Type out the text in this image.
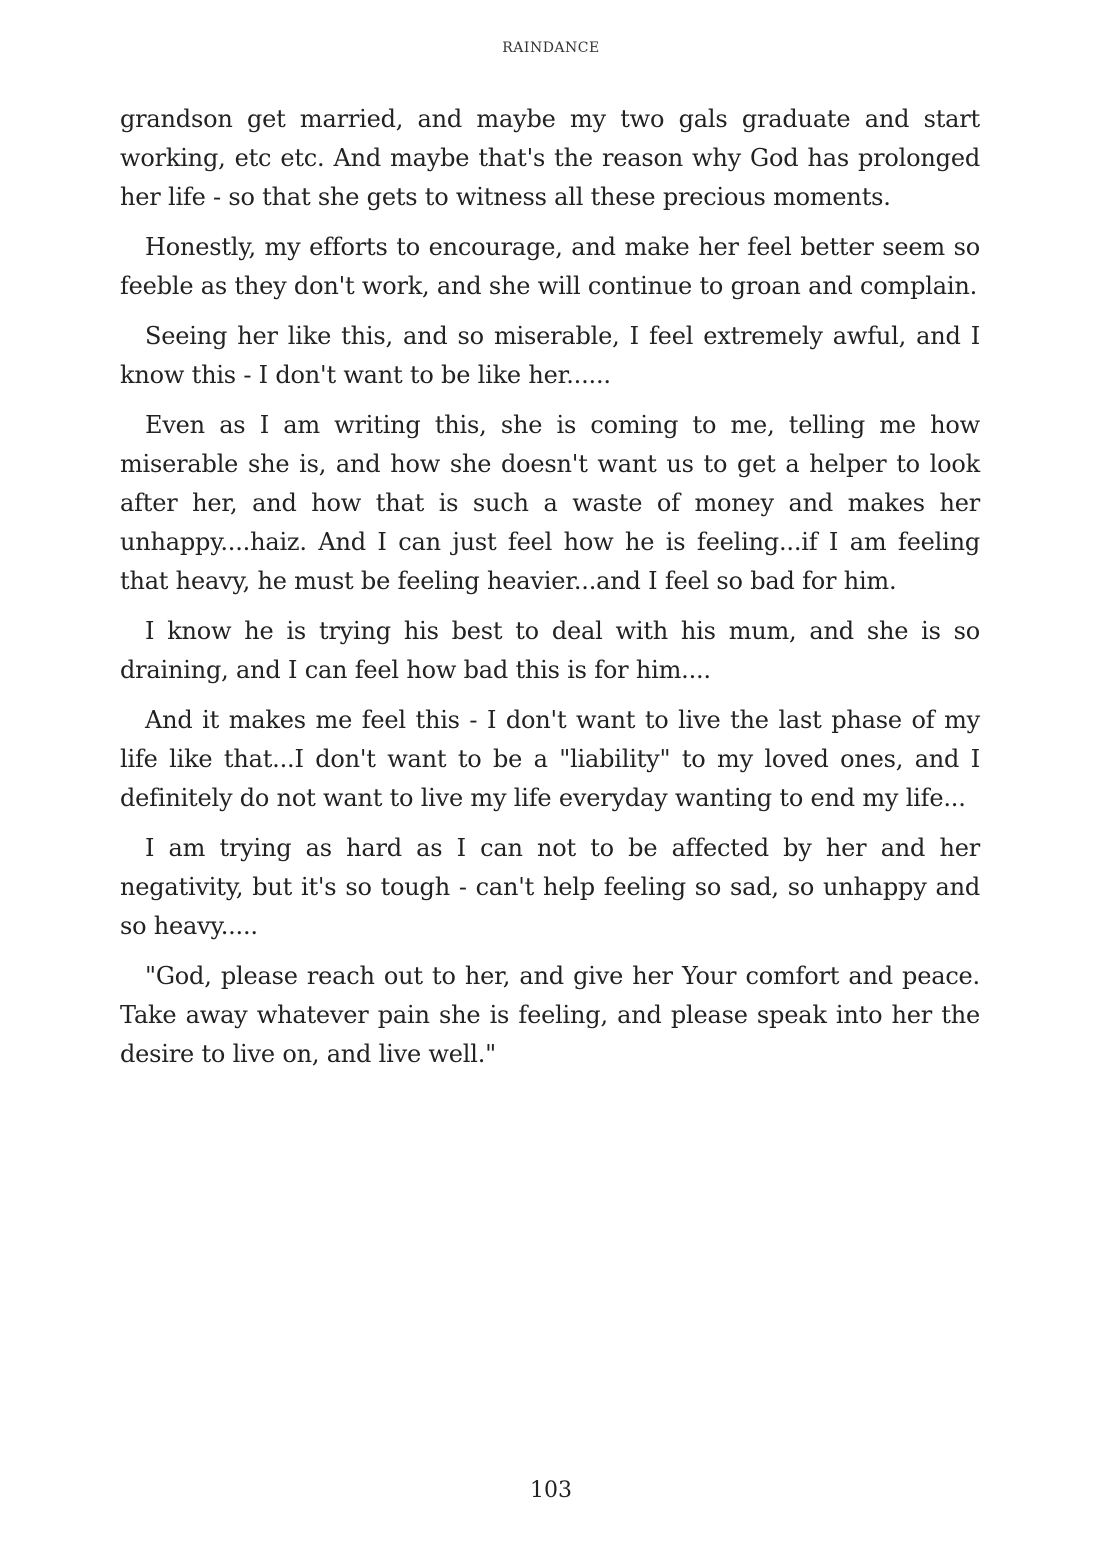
RAINDANCE

grandson get married, and maybe my two gals graduate and start working, etc etc. And maybe that's the reason why God has prolonged her life - so that she gets to witness all these precious moments.

Honestly, my efforts to encourage, and make her feel better seem so feeble as they don't work, and she will continue to groan and complain.

Seeing her like this, and so miserable, I feel extremely awful, and I know this - I don't want to be like her......

Even as I am writing this, she is coming to me, telling me how miserable she is, and how she doesn't want us to get a helper to look after her, and how that is such a waste of money and makes her unhappy....haiz. And I can just feel how he is feeling...if I am feeling that heavy, he must be feeling heavier...and I feel so bad for him.

I know he is trying his best to deal with his mum, and she is so draining, and I can feel how bad this is for him....

And it makes me feel this - I don't want to live the last phase of my life like that...I don't want to be a "liability" to my loved ones, and I definitely do not want to live my life everyday wanting to end my life...

I am trying as hard as I can not to be affected by her and her negativity, but it's so tough - can't help feeling so sad, so unhappy and so heavy.....

"God, please reach out to her, and give her Your comfort and peace. Take away whatever pain she is feeling, and please speak into her the desire to live on, and live well."

103
